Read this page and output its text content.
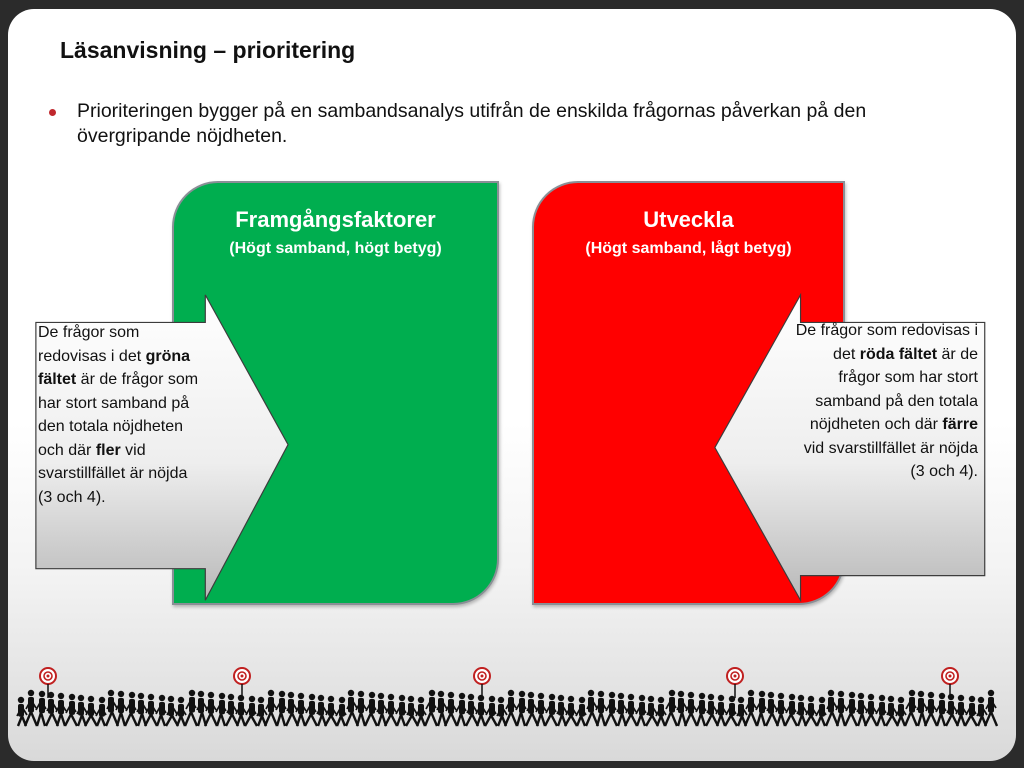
Läsanvisning – prioritering
Prioriteringen bygger på en sambandsanalys utifrån de enskilda frågornas påverkan på den övergripande nöjdheten.
Framgångsfaktorer
(Högt samband, högt betyg)
Utveckla
(Högt samband, lågt betyg)
De frågor som redovisas i det gröna fältet är de frågor som har stort samband på den totala nöjdheten och där fler vid svarstillfället är nöjda (3 och 4).
De frågor som redovisas i det röda fältet är de frågor som har stort samband på den totala nöjdheten och där färre vid svarstillfället är nöjda (3 och 4).
